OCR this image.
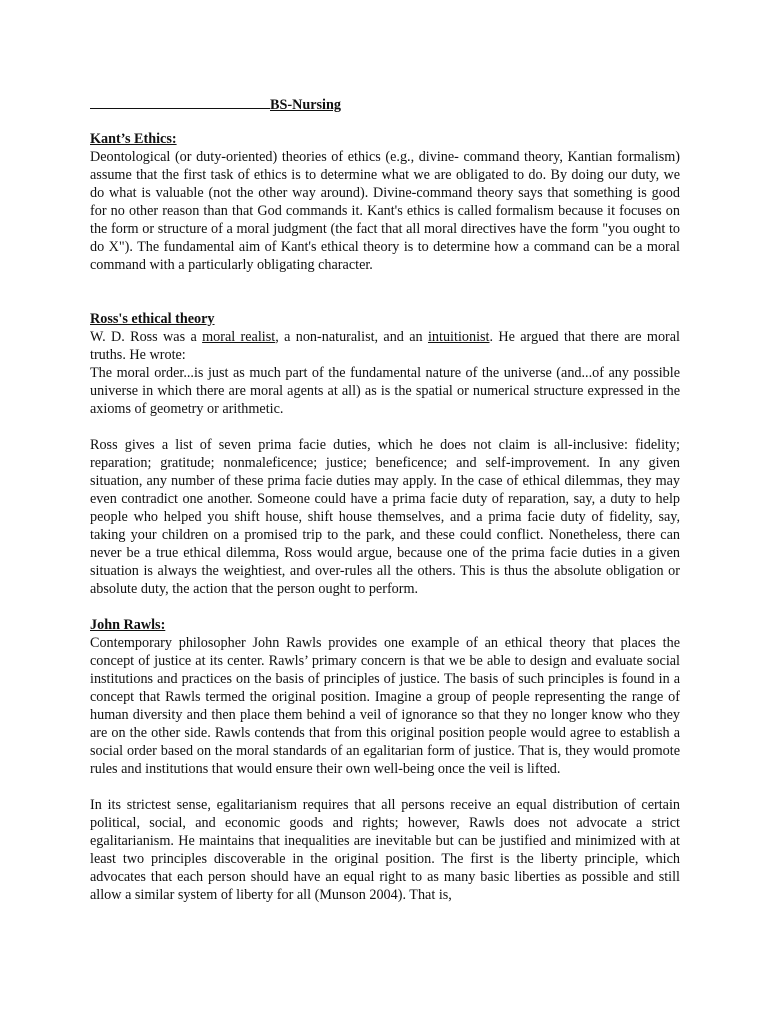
BS-Nursing

Kant’s Ethics:

Deontological (or duty-oriented) theories of ethics (e.g., divine- command theory, Kantian formalism) assume that the first task of ethics is to determine what we are obligated to do. By doing our duty, we do what is valuable (not the other way around). Divine-command theory says that something is good for no other reason than that God commands it. Kant's ethics is called formalism because it focuses on the form or structure of a moral judgment (the fact that all moral directives have the form "you ought to do X"). The fundamental aim of Kant's ethical theory is to determine how a command can be a moral command with a particularly obligating character.

Ross's ethical theory

W. D. Ross was a moral realist, a non-naturalist, and an intuitionist. He argued that there are moral truths. He wrote:

The moral order...is just as much part of the fundamental nature of the universe (and...of any possible universe in which there are moral agents at all) as is the spatial or numerical structure expressed in the axioms of geometry or arithmetic.

Ross gives a list of seven prima facie duties, which he does not claim is all-inclusive: fidelity; reparation; gratitude; nonmaleficence; justice; beneficence; and self-improvement. In any given situation, any number of these prima facie duties may apply. In the case of ethical dilemmas, they may even contradict one another. Someone could have a prima facie duty of reparation, say, a duty to help people who helped you shift house, shift house themselves, and a prima facie duty of fidelity, say, taking your children on a promised trip to the park, and these could conflict. Nonetheless, there can never be a true ethical dilemma, Ross would argue, because one of the prima facie duties in a given situation is always the weightiest, and over-rules all the others. This is thus the absolute obligation or absolute duty, the action that the person ought to perform.

John Rawls:

Contemporary philosopher John Rawls provides one example of an ethical theory that places the concept of justice at its center. Rawls’ primary concern is that we be able to design and evaluate social institutions and practices on the basis of principles of justice. The basis of such principles is found in a concept that Rawls termed the original position. Imagine a group of people representing the range of human diversity and then place them behind a veil of ignorance so that they no longer know who they are on the other side. Rawls contends that from this original position people would agree to establish a social order based on the moral standards of an egalitarian form of justice. That is, they would promote rules and institutions that would ensure their own well-being once the veil is lifted.

In its strictest sense, egalitarianism requires that all persons receive an equal distribution of certain political, social, and economic goods and rights; however, Rawls does not advocate a strict egalitarianism. He maintains that inequalities are inevitable but can be justified and minimized with at least two principles discoverable in the original position. The first is the liberty principle, which advocates that each person should have an equal right to as many basic liberties as possible and still allow a similar system of liberty for all (Munson 2004). That is,
